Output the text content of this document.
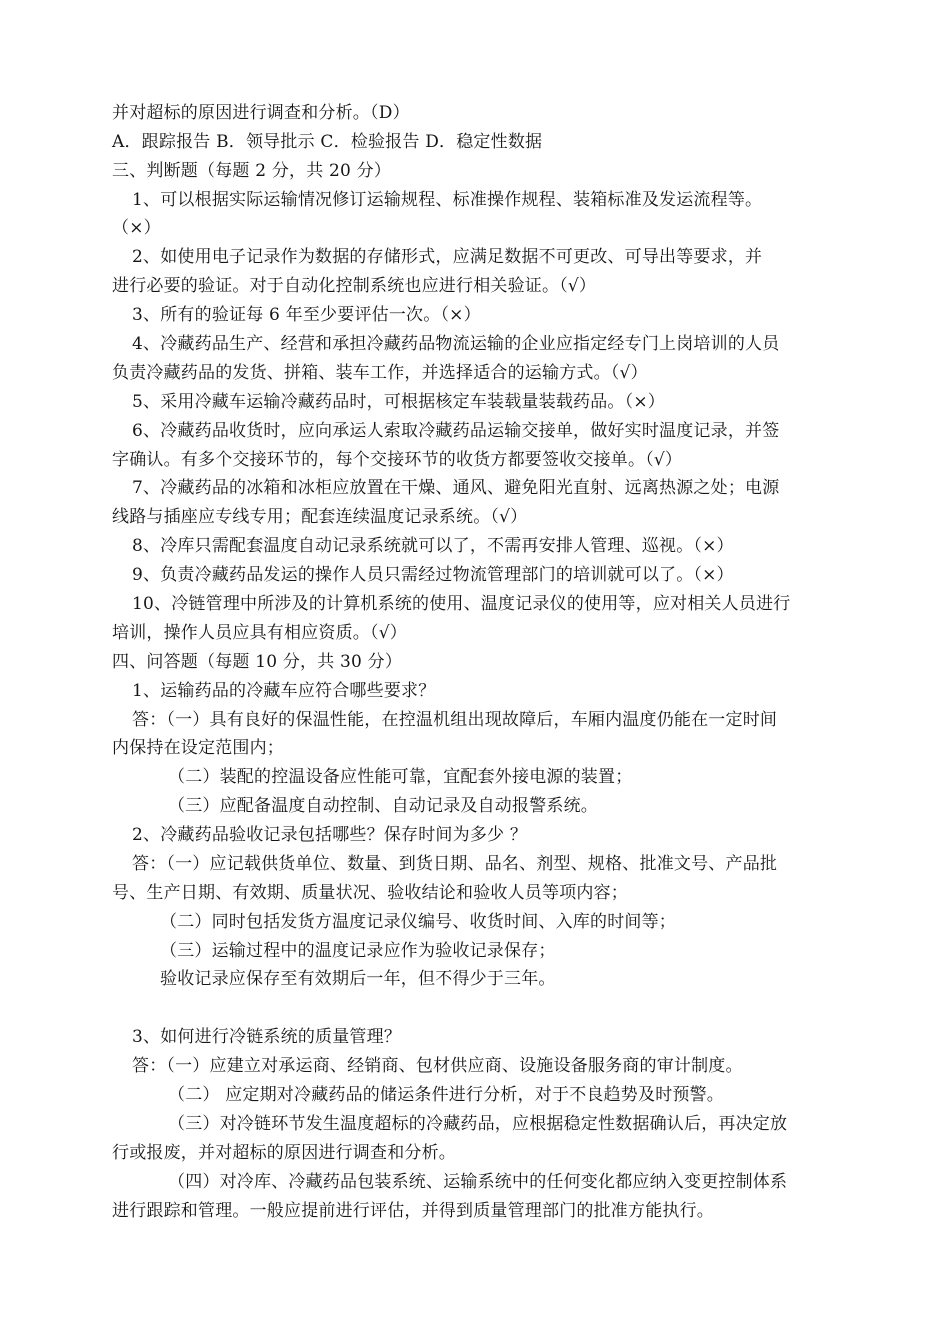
并对超标的原因进行调查和分析。（D）
A．跟踪报告 B．领导批示 C．检验报告 D．稳定性数据
三、判断题（每题 2 分，共 20 分）
1、可以根据实际运输情况修订运输规程、标准操作规程、装箱标准及发运流程等。
（×）
2、如使用电子记录作为数据的存储形式，应满足数据不可更改、可导出等要求，并
进行必要的验证。对于自动化控制系统也应进行相关验证。（√）
3、所有的验证每 6 年至少要评估一次。（×）
4、冷藏药品生产、经营和承担冷藏药品物流运输的企业应指定经专门上岗培训的人员
负责冷藏药品的发货、拼箱、装车工作，并选择适合的运输方式。（√）
5、采用冷藏车运输冷藏药品时，可根据核定车装载量装载药品。（×）
6、冷藏药品收货时，应向承运人索取冷藏药品运输交接单，做好实时温度记录，并签
字确认。有多个交接环节的，每个交接环节的收货方都要签收交接单。（√）
7、冷藏药品的冰箱和冰柜应放置在干燥、通风、避免阳光直射、远离热源之处；电源
线路与插座应专线专用；配套连续温度记录系统。（√）
8、冷库只需配套温度自动记录系统就可以了，不需再安排人管理、巡视。（×）
9、负责冷藏药品发运的操作人员只需经过物流管理部门的培训就可以了。（×）
10、冷链管理中所涉及的计算机系统的使用、温度记录仪的使用等，应对相关人员进行
培训，操作人员应具有相应资质。（√）
四、问答题（每题 10 分，共 30 分）
1、运输药品的冷藏车应符合哪些要求？
答：（一）具有良好的保温性能，在控温机组出现故障后，车厢内温度仍能在一定时间
内保持在设定范围内；
（二）装配的控温设备应性能可靠，宜配套外接电源的装置；
（三）应配备温度自动控制、自动记录及自动报警系统。
2、冷藏药品验收记录包括哪些？保存时间为多少 ？
答：（一）应记载供货单位、数量、到货日期、品名、剂型、规格、批准文号、产品批
号、生产日期、有效期、质量状况、验收结论和验收人员等项内容；
（二）同时包括发货方温度记录仪编号、收货时间、入库的时间等；
（三）运输过程中的温度记录应作为验收记录保存；
验收记录应保存至有效期后一年，但不得少于三年。
3、如何进行冷链系统的质量管理？
答：（一）应建立对承运商、经销商、包材供应商、设施设备服务商的审计制度。
（二） 应定期对冷藏药品的储运条件进行分析，对于不良趋势及时预警。
（三）对冷链环节发生温度超标的冷藏药品，应根据稳定性数据确认后，再决定放
行或报废，并对超标的原因进行调查和分析。
（四）对冷库、冷藏药品包装系统、运输系统中的任何变化都应纳入变更控制体系
进行跟踪和管理。一般应提前进行评估，并得到质量管理部门的批准方能执行。
